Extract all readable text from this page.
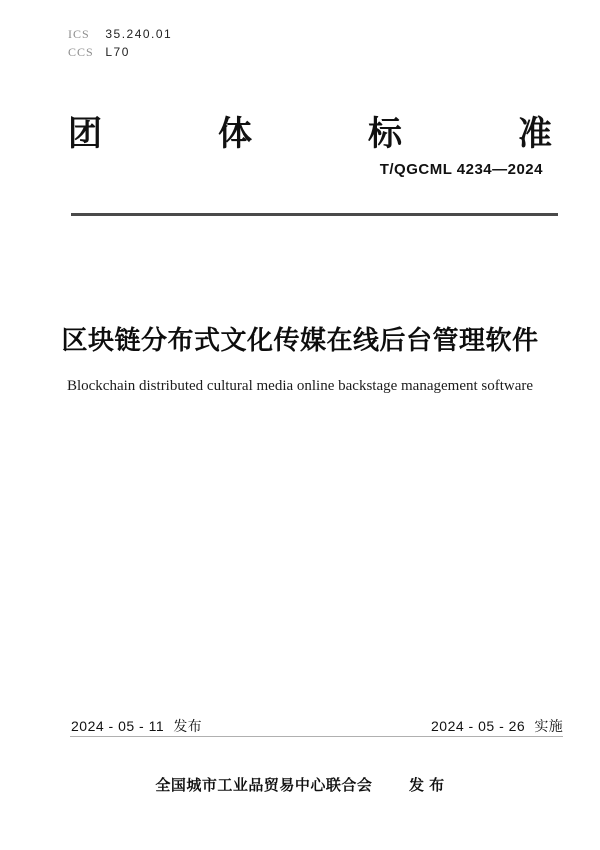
ICS 35.240.01
CCS L70
团	体	标	准
T/QGCML 4234—2024
区块链分布式文化传媒在线后台管理软件
Blockchain distributed cultural media online backstage management software
2024 - 05 - 11 发布	2024 - 05 - 26 实施
全国城市工业品贸易中心联合会 发 布
